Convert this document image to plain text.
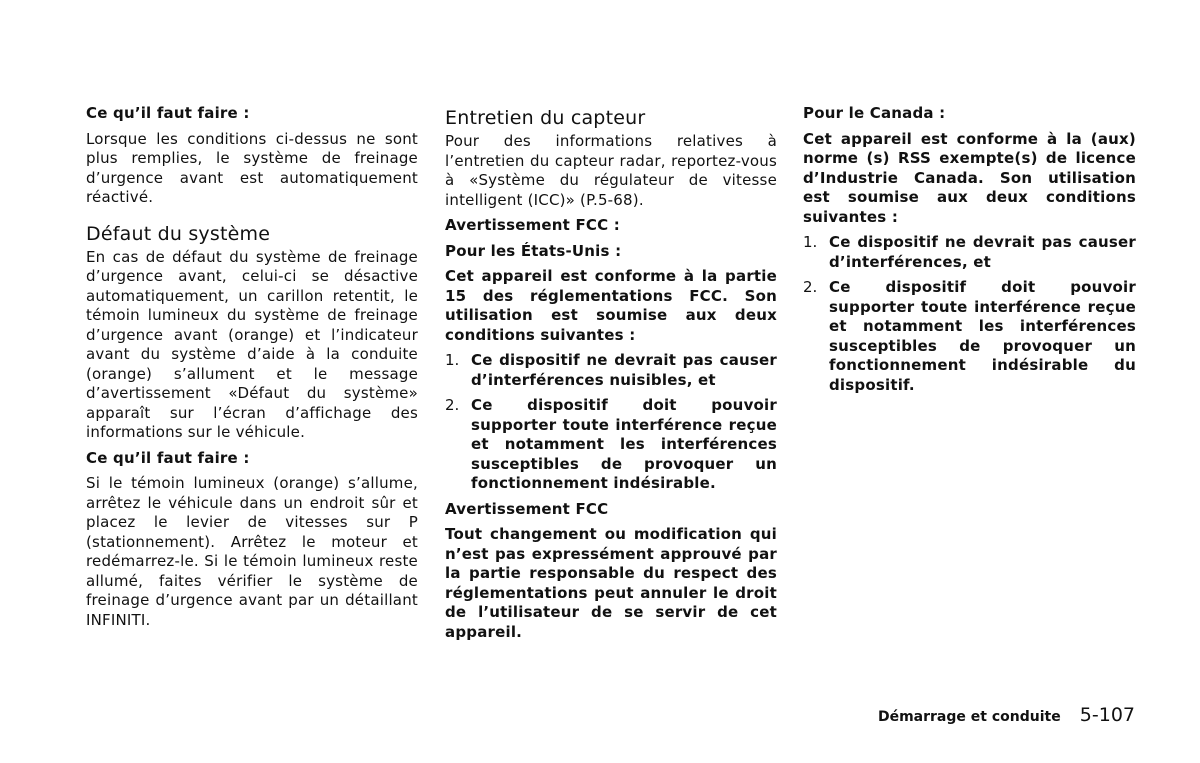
Ce qu’il faut faire :

Lorsque les conditions ci-dessus ne sont plus remplies, le système de freinage d’urgence avant est automatiquement réactivé.

Défaut du système

En cas de défaut du système de freinage d’urgence avant, celui-ci se désactive automatiquement, un carillon retentit, le témoin lumineux du système de freinage d’urgence avant (orange) et l’indicateur avant du système d’aide à la conduite (orange) s’allument et le message d’avertissement «Défaut du système» apparaît sur l’écran d’affichage des informations sur le véhicule.

Ce qu’il faut faire :

Si le témoin lumineux (orange) s’allume, arrêtez le véhicule dans un endroit sûr et placez le levier de vitesses sur P (stationnement). Arrêtez le moteur et redémarrez-le. Si le témoin lumineux reste allumé, faites vérifier le système de freinage d’urgence avant par un détaillant INFINITI.

Entretien du capteur

Pour des informations relatives à l’entretien du capteur radar, reportez-vous à «Système du régulateur de vitesse intelligent (ICC)» (P.5-68).

Avertissement FCC :
Pour les États-Unis :

Cet appareil est conforme à la partie 15 des réglementations FCC. Son utilisation est soumise aux deux conditions suivantes :

1. Ce dispositif ne devrait pas causer d’interférences nuisibles, et
2. Ce dispositif doit pouvoir supporter toute interférence reçue et notamment les interférences susceptibles de provoquer un fonctionnement indésirable.
Avertissement FCC

Tout changement ou modification qui n’est pas expressément approuvé par la partie responsable du respect des réglementations peut annuler le droit de l’utilisateur de se servir de cet appareil.

Pour le Canada :

Cet appareil est conforme à la (aux) norme (s) RSS exempte(s) de licence d’Industrie Canada. Son utilisation est soumise aux deux conditions suivantes :

1. Ce dispositif ne devrait pas causer d’interférences, et
2. Ce dispositif doit pouvoir supporter toute interférence reçue et notamment les interférences susceptibles de provoquer un fonctionnement indésirable du dispositif.
Démarrage et conduite 5-107
